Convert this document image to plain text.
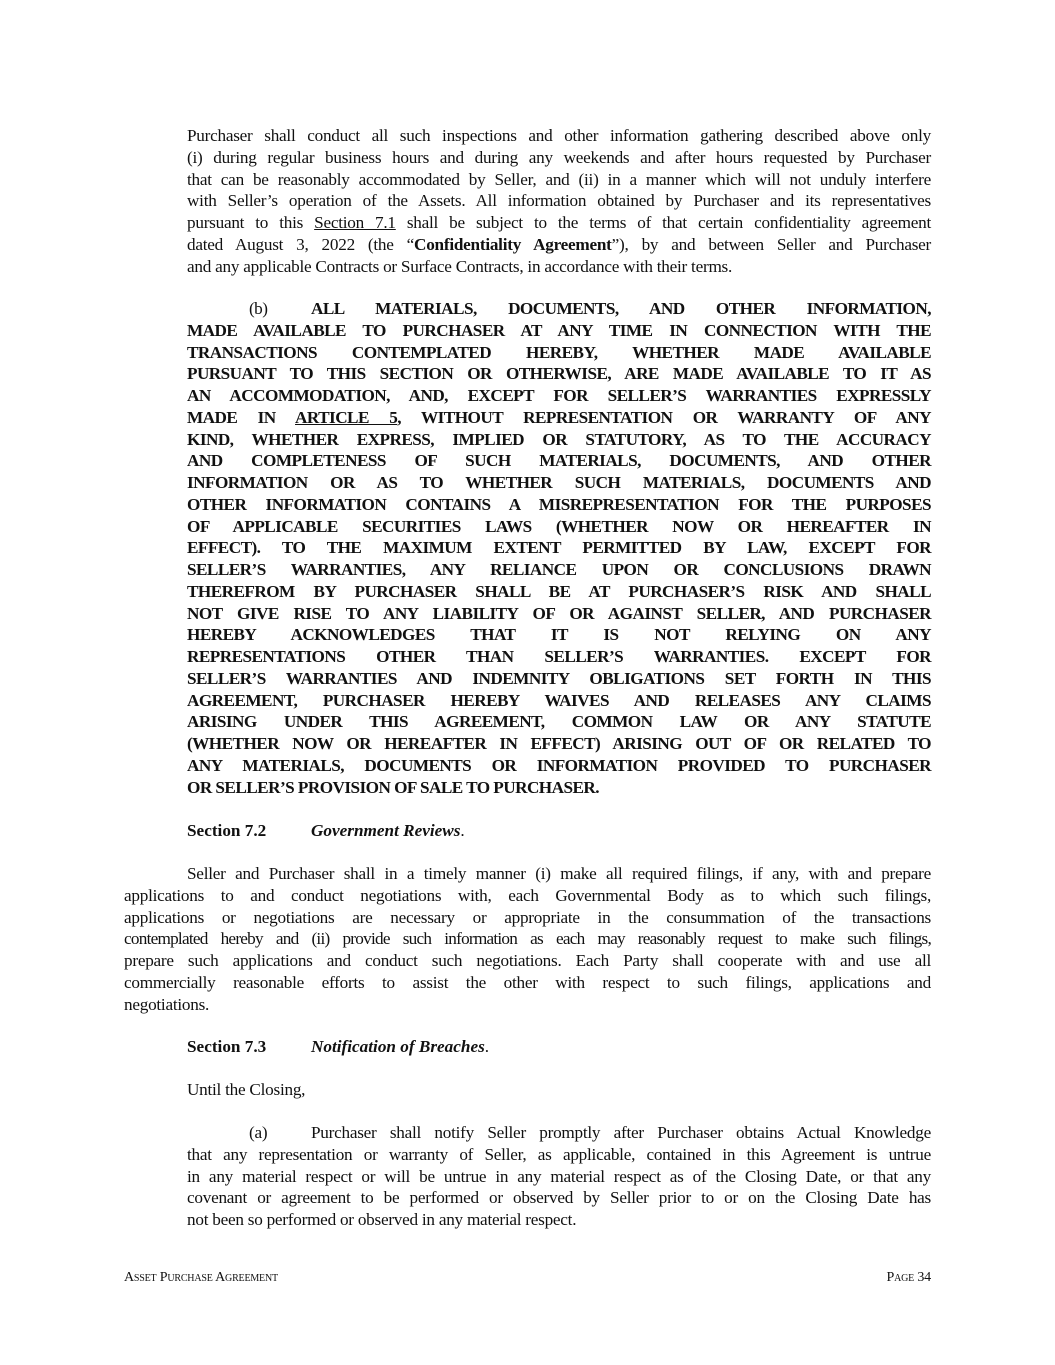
Purchaser shall conduct all such inspections and other information gathering described above only
(i) during regular business hours and during any weekends and after hours requested by Purchaser
that can be reasonably accommodated by Seller, and (ii) in a manner which will not unduly interfere
with Seller’s operation of the Assets. All information obtained by Purchaser and its representatives
pursuant to this Section 7.1 shall be subject to the terms of that certain confidentiality agreement
dated August 3, 2022 (the “Confidentiality Agreement”), by and between Seller and Purchaser
and any applicable Contracts or Surface Contracts, in accordance with their terms.
(b)	ALL MATERIALS, DOCUMENTS, AND OTHER INFORMATION,
MADE AVAILABLE TO PURCHASER AT ANY TIME IN CONNECTION WITH THE
TRANSACTIONS CONTEMPLATED HEREBY, WHETHER MADE AVAILABLE
PURSUANT TO THIS SECTION OR OTHERWISE, ARE MADE AVAILABLE TO IT AS
AN ACCOMMODATION, AND, EXCEPT FOR SELLER’S WARRANTIES EXPRESSLY
MADE IN ARTICLE 5, WITHOUT REPRESENTATION OR WARRANTY OF ANY
KIND, WHETHER EXPRESS, IMPLIED OR STATUTORY, AS TO THE ACCURACY
AND COMPLETENESS OF SUCH MATERIALS, DOCUMENTS, AND OTHER
INFORMATION OR AS TO WHETHER SUCH MATERIALS, DOCUMENTS AND
OTHER INFORMATION CONTAINS A MISREPRESENTATION FOR THE PURPOSES
OF APPLICABLE SECURITIES LAWS (WHETHER NOW OR HEREAFTER IN
EFFECT). TO THE MAXIMUM EXTENT PERMITTED BY LAW, EXCEPT FOR
SELLER’S WARRANTIES, ANY RELIANCE UPON OR CONCLUSIONS DRAWN
THEREFROM BY PURCHASER SHALL BE AT PURCHASER’S RISK AND SHALL
NOT GIVE RISE TO ANY LIABILITY OF OR AGAINST SELLER, AND PURCHASER
HEREBY ACKNOWLEDGES THAT IT IS NOT RELYING ON ANY
REPRESENTATIONS OTHER THAN SELLER’S WARRANTIES. EXCEPT FOR
SELLER’S WARRANTIES AND INDEMNITY OBLIGATIONS SET FORTH IN THIS
AGREEMENT, PURCHASER HEREBY WAIVES AND RELEASES ANY CLAIMS
ARISING UNDER THIS AGREEMENT, COMMON LAW OR ANY STATUTE
(WHETHER NOW OR HEREAFTER IN EFFECT) ARISING OUT OF OR RELATED TO
ANY MATERIALS, DOCUMENTS OR INFORMATION PROVIDED TO PURCHASER
OR SELLER’S PROVISION OF SALE TO PURCHASER.
Section 7.2	Government Reviews.
Seller and Purchaser shall in a timely manner (i) make all required filings, if any, with and prepare
applications to and conduct negotiations with, each Governmental Body as to which such filings,
applications or negotiations are necessary or appropriate in the consummation of the transactions
contemplated hereby and (ii) provide such information as each may reasonably request to make such filings,
prepare such applications and conduct such negotiations. Each Party shall cooperate with and use all
commercially reasonable efforts to assist the other with respect to such filings, applications and
negotiations.
Section 7.3	Notification of Breaches.
Until the Closing,
(a)	Purchaser shall notify Seller promptly after Purchaser obtains Actual Knowledge
that any representation or warranty of Seller, as applicable, contained in this Agreement is untrue
in any material respect or will be untrue in any material respect as of the Closing Date, or that any
covenant or agreement to be performed or observed by Seller prior to or on the Closing Date has
not been so performed or observed in any material respect.
Asset Purchase Agreement	Page 34
